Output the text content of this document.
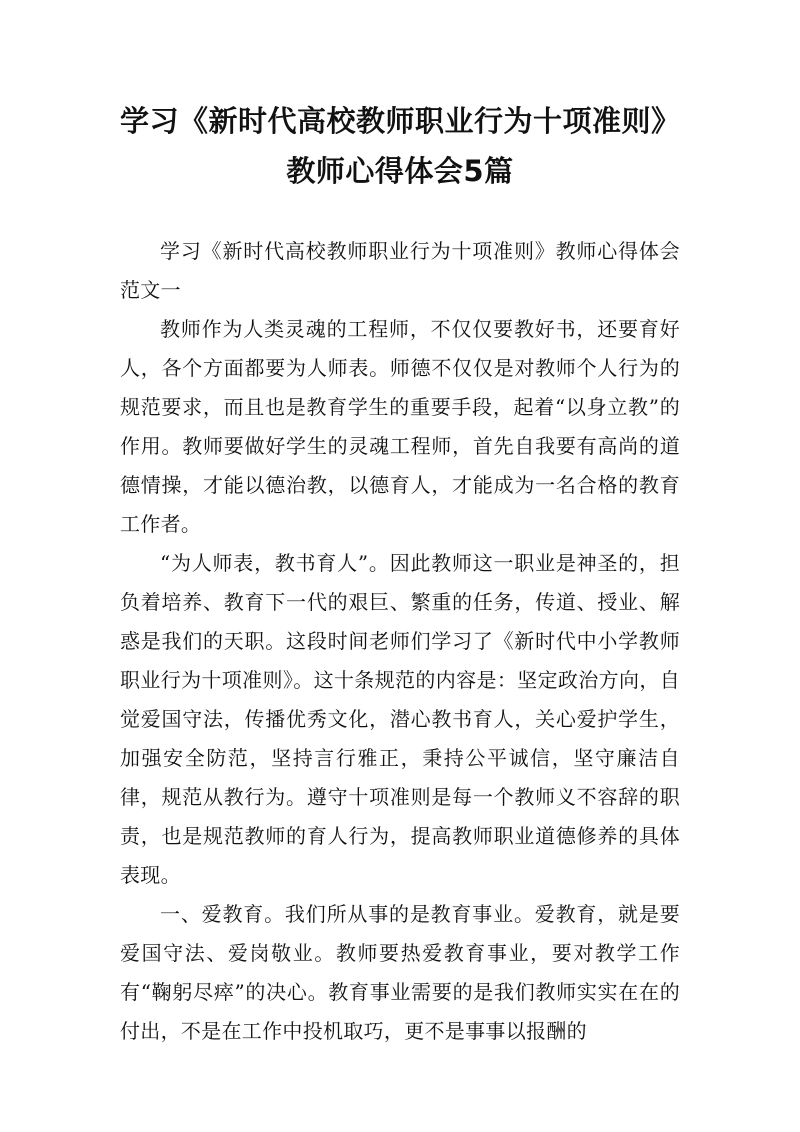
学习《新时代高校教师职业行为十项准则》
教师心得体会5篇

学习《新时代高校教师职业行为十项准则》教师心得体会范文一

教师作为人类灵魂的工程师，不仅仅要教好书，还要育好人，各个方面都要为人师表。师德不仅仅是对教师个人行为的规范要求，而且也是教育学生的重要手段，起着“以身立教”的作用。教师要做好学生的灵魂工程师，首先自我要有高尚的道德情操，才能以德治教，以德育人，才能成为一名合格的教育工作者。

“为人师表，教书育人”。因此教师这一职业是神圣的，担负着培养、教育下一代的艰巨、繁重的任务，传道、授业、解惑是我们的天职。这段时间老师们学习了《新时代中小学教师职业行为十项准则》。这十条规范的内容是：坚定政治方向，自觉爱国守法，传播优秀文化，潜心教书育人，关心爱护学生，加强安全防范，坚持言行雅正，秉持公平诚信，坚守廉洁自律，规范从教行为。遵守十项准则是每一个教师义不容辞的职责，也是规范教师的育人行为，提高教师职业道德修养的具体表现。

一、爱教育。我们所从事的是教育事业。爱教育，就是要爱国守法、爱岗敬业。教师要热爱教育事业，要对教学工作有“鞠躬尽瘁”的决心。教育事业需要的是我们教师实实在在的付出，不是在工作中投机取巧，更不是事事以报酬的
